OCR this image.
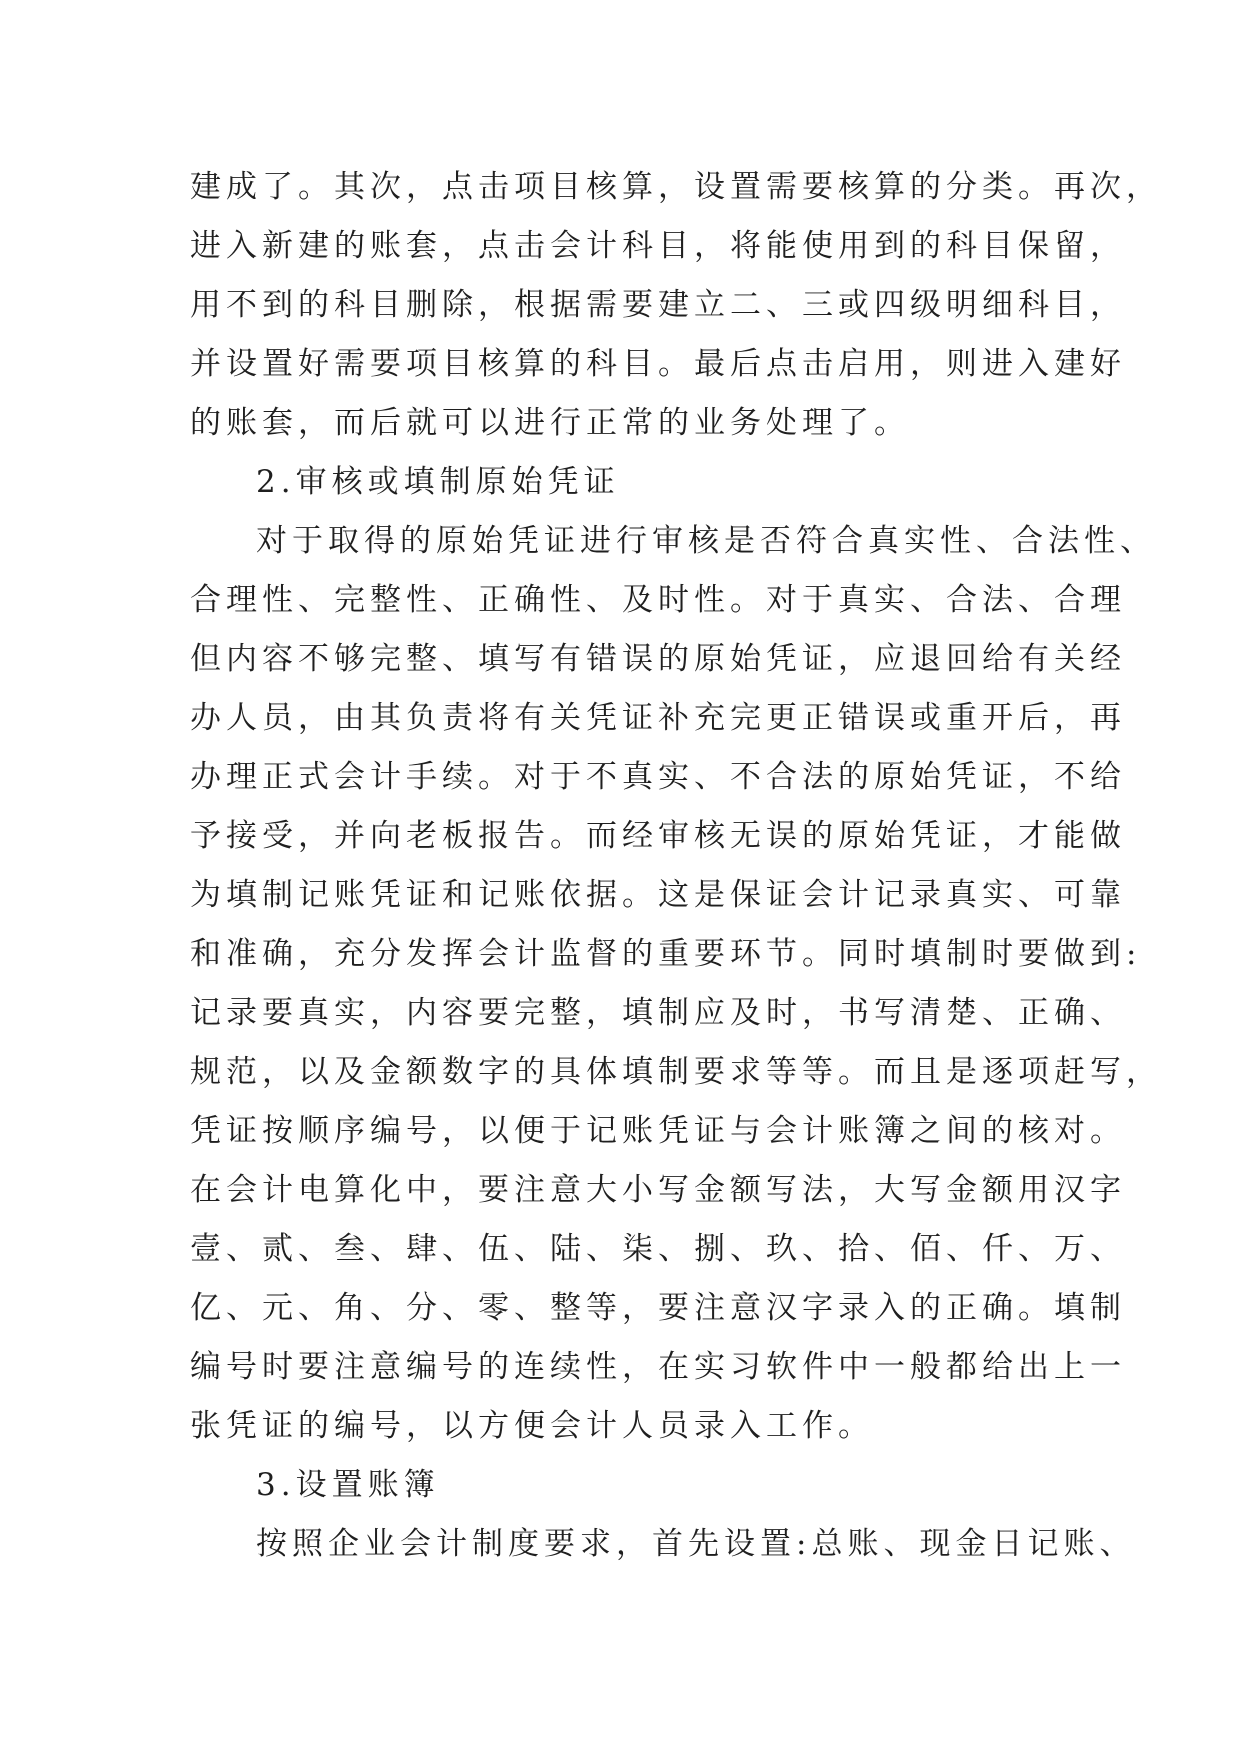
建成了。其次，点击项目核算，设置需要核算的分类。再次，
进入新建的账套，点击会计科目，将能使用到的科目保留，
用不到的科目删除，根据需要建立二、三或四级明细科目，
并设置好需要项目核算的科目。最后点击启用，则进入建好
的账套，而后就可以进行正常的业务处理了。
2.审核或填制原始凭证
对于取得的原始凭证进行审核是否符合真实性、合法性、
合理性、完整性、正确性、及时性。对于真实、合法、合理
但内容不够完整、填写有错误的原始凭证，应退回给有关经
办人员，由其负责将有关凭证补充完更正错误或重开后，再
办理正式会计手续。对于不真实、不合法的原始凭证，不给
予接受，并向老板报告。而经审核无误的原始凭证，才能做
为填制记账凭证和记账依据。这是保证会计记录真实、可靠
和准确，充分发挥会计监督的重要环节。同时填制时要做到:
记录要真实，内容要完整，填制应及时，书写清楚、正确、
规范，以及金额数字的具体填制要求等等。而且是逐项赶写，
凭证按顺序编号，以便于记账凭证与会计账簿之间的核对。
在会计电算化中，要注意大小写金额写法，大写金额用汉字
壹、贰、叁、肆、伍、陆、柒、捌、玖、拾、佰、仟、万、
亿、元、角、分、零、整等，要注意汉字录入的正确。填制
编号时要注意编号的连续性，在实习软件中一般都给出上一
张凭证的编号，以方便会计人员录入工作。
3.设置账簿
按照企业会计制度要求，首先设置:总账、现金日记账、
